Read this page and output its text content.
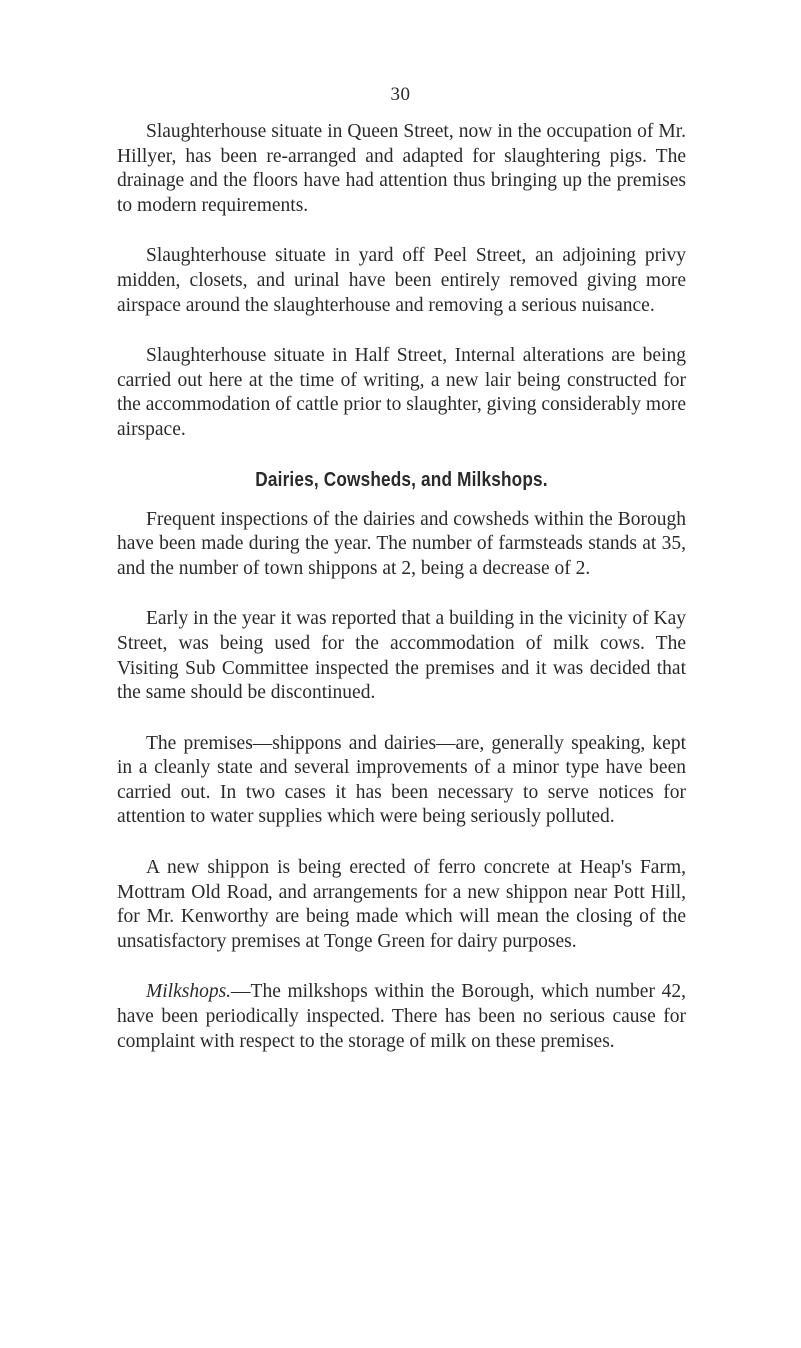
30

Slaughterhouse situate in Queen Street, now in the occupation of Mr. Hillyer, has been re-arranged and adapted for slaughtering pigs. The drainage and the floors have had attention thus bringing up the premises to modern requirements.

Slaughterhouse situate in yard off Peel Street, an adjoining privy midden, closets, and urinal have been entirely removed giving more airspace around the slaughterhouse and removing a serious nuisance.

Slaughterhouse situate in Half Street, Internal alterations are being carried out here at the time of writing, a new lair being constructed for the accommodation of cattle prior to slaughter, giving considerably more airspace.

Dairies, Cowsheds, and Milkshops.

Frequent inspections of the dairies and cowsheds within the Borough have been made during the year. The number of farmsteads stands at 35, and the number of town shippons at 2, being a decrease of 2.

Early in the year it was reported that a building in the vicinity of Kay Street, was being used for the accommodation of milk cows. The Visiting Sub Committee inspected the premises and it was decided that the same should be discontinued.

The premises—shippons and dairies—are, generally speaking, kept in a cleanly state and several improvements of a minor type have been carried out. In two cases it has been necessary to serve notices for attention to water supplies which were being seriously polluted.

A new shippon is being erected of ferro concrete at Heap's Farm, Mottram Old Road, and arrangements for a new shippon near Pott Hill, for Mr. Kenworthy are being made which will mean the closing of the unsatisfactory premises at Tonge Green for dairy purposes.

Milkshops.—The milkshops within the Borough, which number 42, have been periodically inspected. There has been no serious cause for complaint with respect to the storage of milk on these premises.
